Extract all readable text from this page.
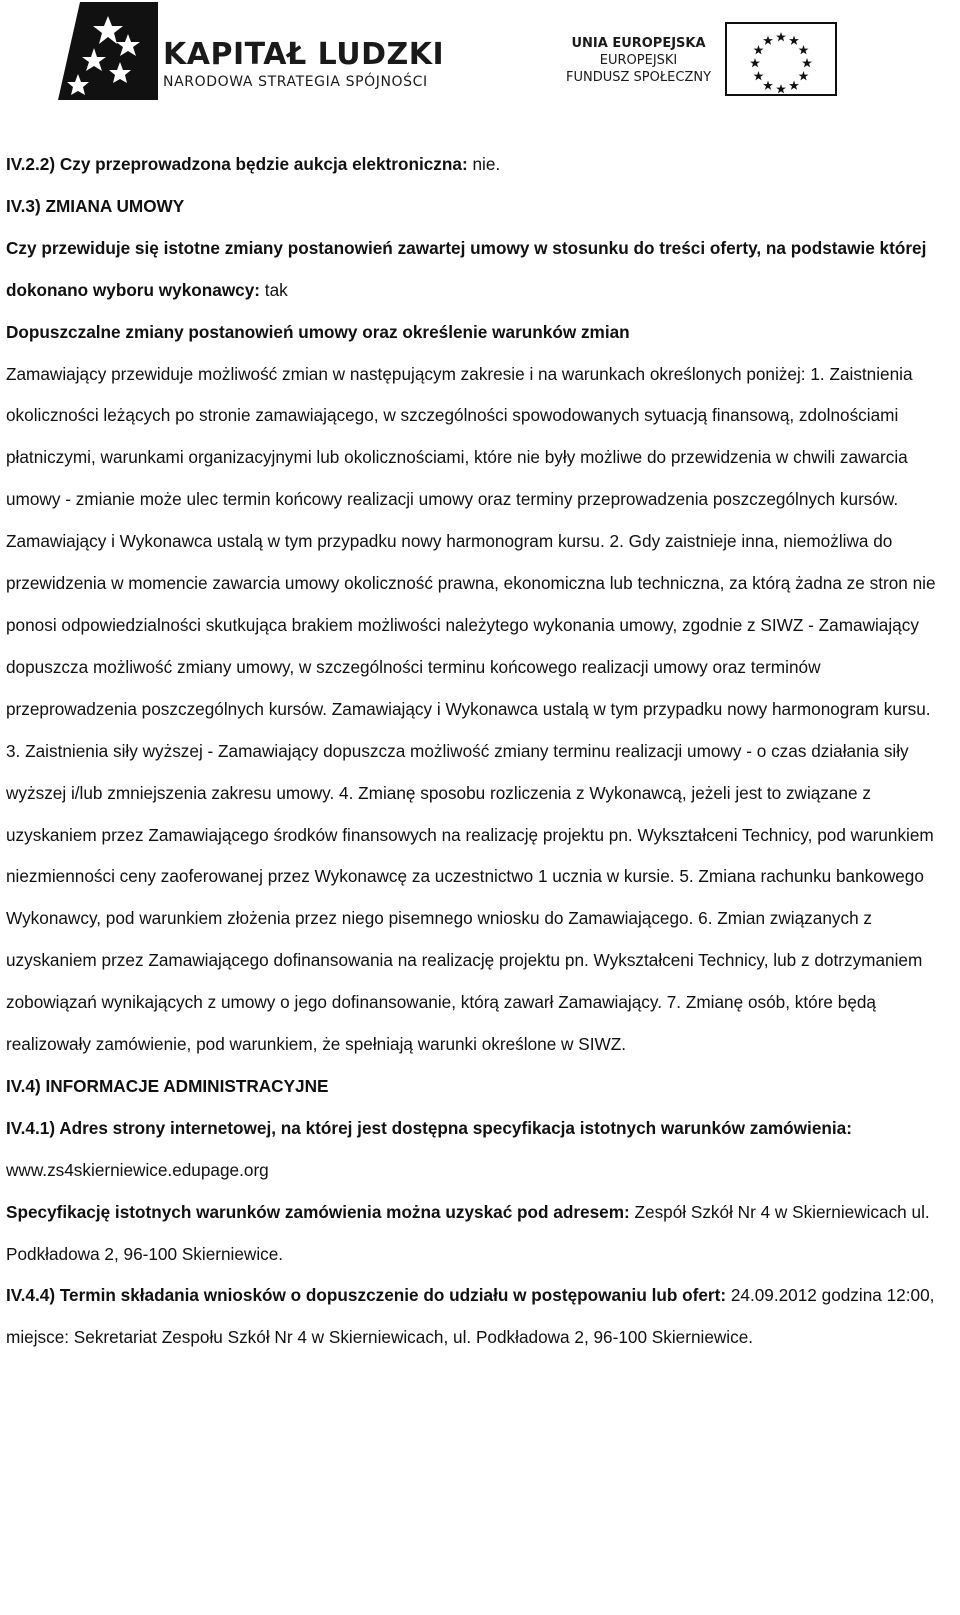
KAPITAŁ LUDZKI
NARODOWA STRATEGIA SPÓJNOŚCI
UNIA EUROPEJSKA
EUROPEJSKI
FUNDUSZ SPOŁECZNY

IV.2.2) Czy przeprowadzona będzie aukcja elektroniczna: nie.

IV.3) ZMIANA UMOWY

Czy przewiduje się istotne zmiany postanowień zawartej umowy w stosunku do treści oferty, na podstawie której dokonano wyboru wykonawcy: tak

Dopuszczalne zmiany postanowień umowy oraz określenie warunków zmian

Zamawiający przewiduje możliwość zmian w następującym zakresie i na warunkach określonych poniżej: 1. Zaistnienia okoliczności leżących po stronie zamawiającego, w szczególności spowodowanych sytuacją finansową, zdolnościami płatniczymi, warunkami organizacyjnymi lub okolicznościami, które nie były możliwe do przewidzenia w chwili zawarcia umowy - zmianie może ulec termin końcowy realizacji umowy oraz terminy przeprowadzenia poszczególnych kursów. Zamawiający i Wykonawca ustalą w tym przypadku nowy harmonogram kursu. 2. Gdy zaistnieje inna, niemożliwa do przewidzenia w momencie zawarcia umowy okoliczność prawna, ekonomiczna lub techniczna, za którą żadna ze stron nie ponosi odpowiedzialności skutkująca brakiem możliwości należytego wykonania umowy, zgodnie z SIWZ - Zamawiający dopuszcza możliwość zmiany umowy, w szczególności terminu końcowego realizacji umowy oraz terminów przeprowadzenia poszczególnych kursów. Zamawiający i Wykonawca ustalą w tym przypadku nowy harmonogram kursu. 3. Zaistnienia siły wyższej - Zamawiający dopuszcza możliwość zmiany terminu realizacji umowy - o czas działania siły wyższej i/lub zmniejszenia zakresu umowy. 4. Zmianę sposobu rozliczenia z Wykonawcą, jeżeli jest to związane z uzyskaniem przez Zamawiającego środków finansowych na realizację projektu pn. Wykształceni Technicy, pod warunkiem niezmienności ceny zaoferowanej przez Wykonawcę za uczestnictwo 1 ucznia w kursie. 5. Zmiana rachunku bankowego Wykonawcy, pod warunkiem złożenia przez niego pisemnego wniosku do Zamawiającego. 6. Zmian związanych z uzyskaniem przez Zamawiającego dofinansowania na realizację projektu pn. Wykształceni Technicy, lub z dotrzymaniem zobowiązań wynikających z umowy o jego dofinansowanie, którą zawarł Zamawiający. 7. Zmianę osób, które będą realizowały zamówienie, pod warunkiem, że spełniają warunki określone w SIWZ.

IV.4) INFORMACJE ADMINISTRACYJNE

IV.4.1) Adres strony internetowej, na której jest dostępna specyfikacja istotnych warunków zamówienia: www.zs4skierniewice.edupage.org

Specyfikację istotnych warunków zamówienia można uzyskać pod adresem: Zespół Szkół Nr 4 w Skierniewicach ul. Podkładowa 2, 96-100 Skierniewice.

IV.4.4) Termin składania wniosków o dopuszczenie do udziału w postępowaniu lub ofert: 24.09.2012 godzina 12:00, miejsce: Sekretariat Zespołu Szkół Nr 4 w Skierniewicach, ul. Podkładowa 2, 96-100 Skierniewice.
